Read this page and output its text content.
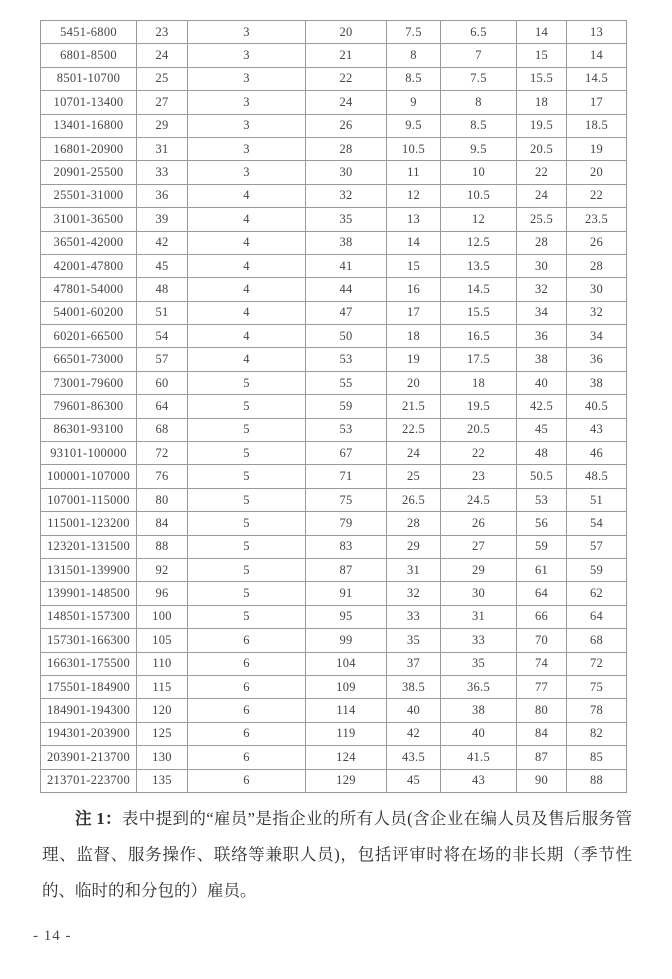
5451-6800	23	3	20	7.5	6.5	14	13
6801-8500	24	3	21	8	7	15	14
8501-10700	25	3	22	8.5	7.5	15.5	14.5
10701-13400	27	3	24	9	8	18	17
13401-16800	29	3	26	9.5	8.5	19.5	18.5
16801-20900	31	3	28	10.5	9.5	20.5	19
20901-25500	33	3	30	11	10	22	20
25501-31000	36	4	32	12	10.5	24	22
31001-36500	39	4	35	13	12	25.5	23.5
36501-42000	42	4	38	14	12.5	28	26
42001-47800	45	4	41	15	13.5	30	28
47801-54000	48	4	44	16	14.5	32	30
54001-60200	51	4	47	17	15.5	34	32
60201-66500	54	4	50	18	16.5	36	34
66501-73000	57	4	53	19	17.5	38	36
73001-79600	60	5	55	20	18	40	38
79601-86300	64	5	59	21.5	19.5	42.5	40.5
86301-93100	68	5	53	22.5	20.5	45	43
93101-100000	72	5	67	24	22	48	46
100001-107000	76	5	71	25	23	50.5	48.5
107001-115000	80	5	75	26.5	24.5	53	51
115001-123200	84	5	79	28	26	56	54
123201-131500	88	5	83	29	27	59	57
131501-139900	92	5	87	31	29	61	59
139901-148500	96	5	91	32	30	64	62
148501-157300	100	5	95	33	31	66	64
157301-166300	105	6	99	35	33	70	68
166301-175500	110	6	104	37	35	74	72
175501-184900	115	6	109	38.5	36.5	77	75
184901-194300	120	6	114	40	38	80	78
194301-203900	125	6	119	42	40	84	82
203901-213700	130	6	124	43.5	41.5	87	85
213701-223700	135	6	129	45	43	90	88

注 1：表中提到的“雇员”是指企业的所有人员(含企业在编人员及售后服务管理、监督、服务操作、联络等兼职人员)，包括评审时将在场的非长期（季节性的、临时的和分包的）雇员。

- 14 -
